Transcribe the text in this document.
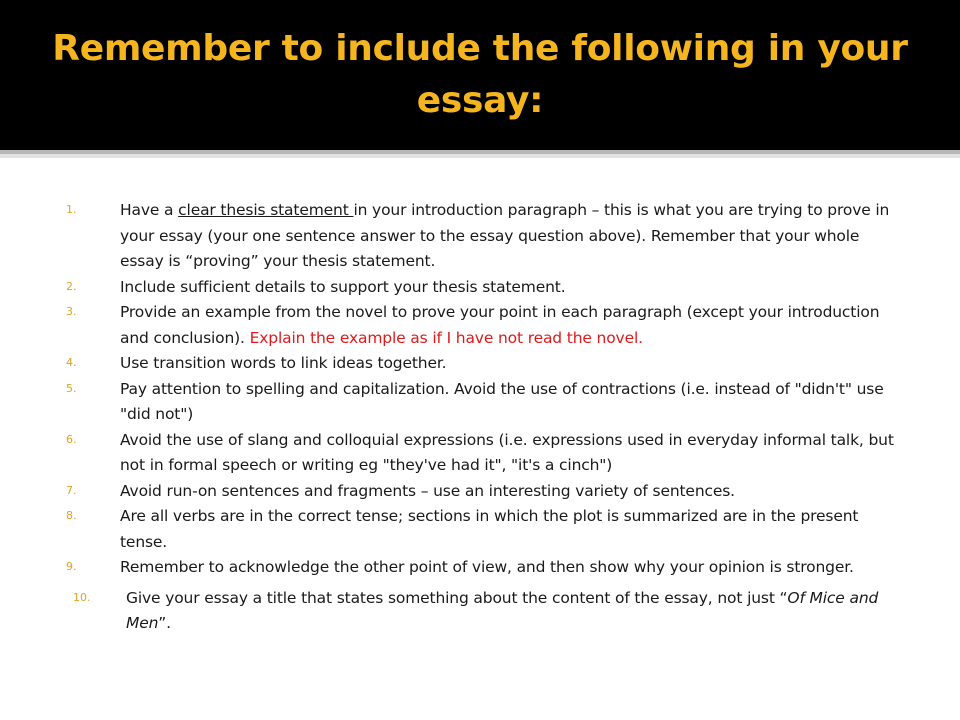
Remember to include the following in your essay:
1.	Have a clear thesis statement in your introduction paragraph – this is what you are trying to prove in your essay (your one sentence answer to the essay question above). Remember that your whole essay is “proving” your thesis statement.
2.	Include sufficient details to support your thesis statement.
3.	Provide an example from the novel to prove your point in each paragraph (except your introduction and conclusion). Explain the example as if I have not read the novel.
4.	Use transition words to link ideas together.
5.	Pay attention to spelling and capitalization. Avoid the use of contractions (i.e. instead of "didn't" use "did not")
6.	Avoid the use of slang and colloquial expressions (i.e. expressions used in everyday informal talk, but not in formal speech or writing eg "they've had it", "it's a cinch")
7.	Avoid run-on sentences and fragments – use an interesting variety of sentences.
8.	Are all verbs are in the correct tense; sections in which the plot is summarized are in the present tense.
9.	Remember to acknowledge the other point of view, and then show why your opinion is stronger.
10.	Give your essay a title that states something about the content of the essay, not just “Of Mice and Men”.
